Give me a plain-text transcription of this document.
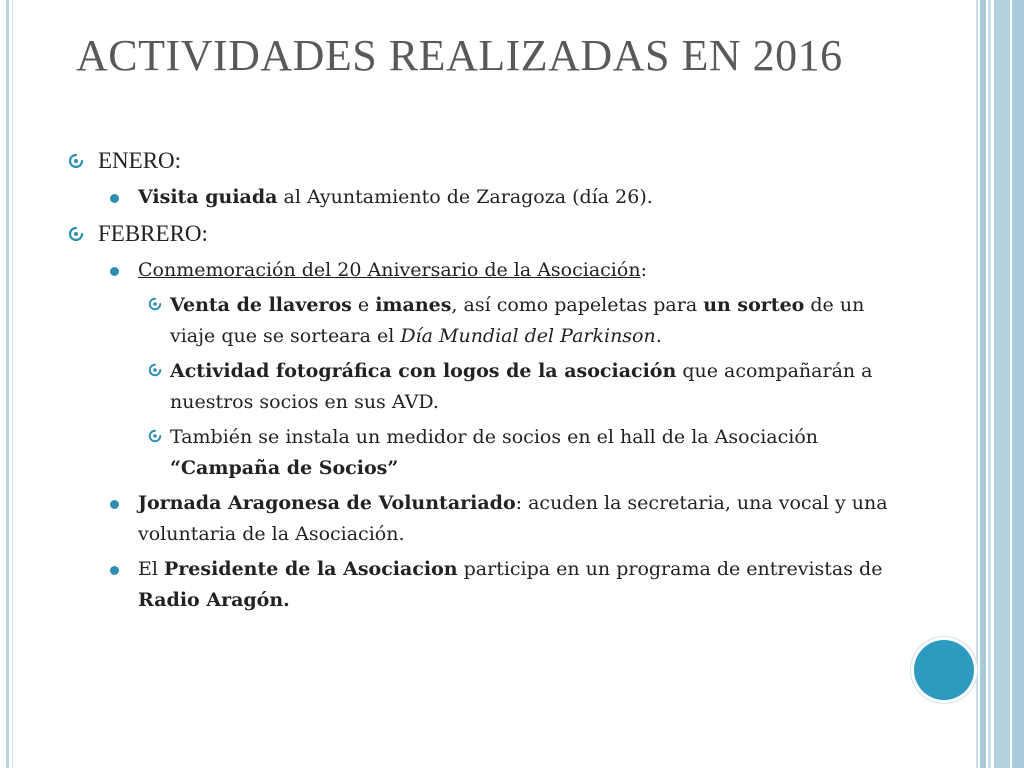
ACTIVIDADES REALIZADAS EN 2016
ENERO:
Visita guiada al Ayuntamiento de Zaragoza (día 26).
FEBRERO:
Conmemoración del 20 Aniversario de la Asociación:
Venta de llaveros e imanes, así como papeletas para un sorteo de un viaje que se sorteara el Día Mundial del Parkinson.
Actividad fotográfica con logos de la asociación que acompañarán a nuestros socios en sus AVD.
También se instala un medidor de socios en el hall de la Asociación “Campaña de Socios”
Jornada Aragonesa de Voluntariado: acuden la secretaria, una vocal y una voluntaria de la Asociación.
El Presidente de la Asociacion participa en un programa de entrevistas de Radio Aragón.
